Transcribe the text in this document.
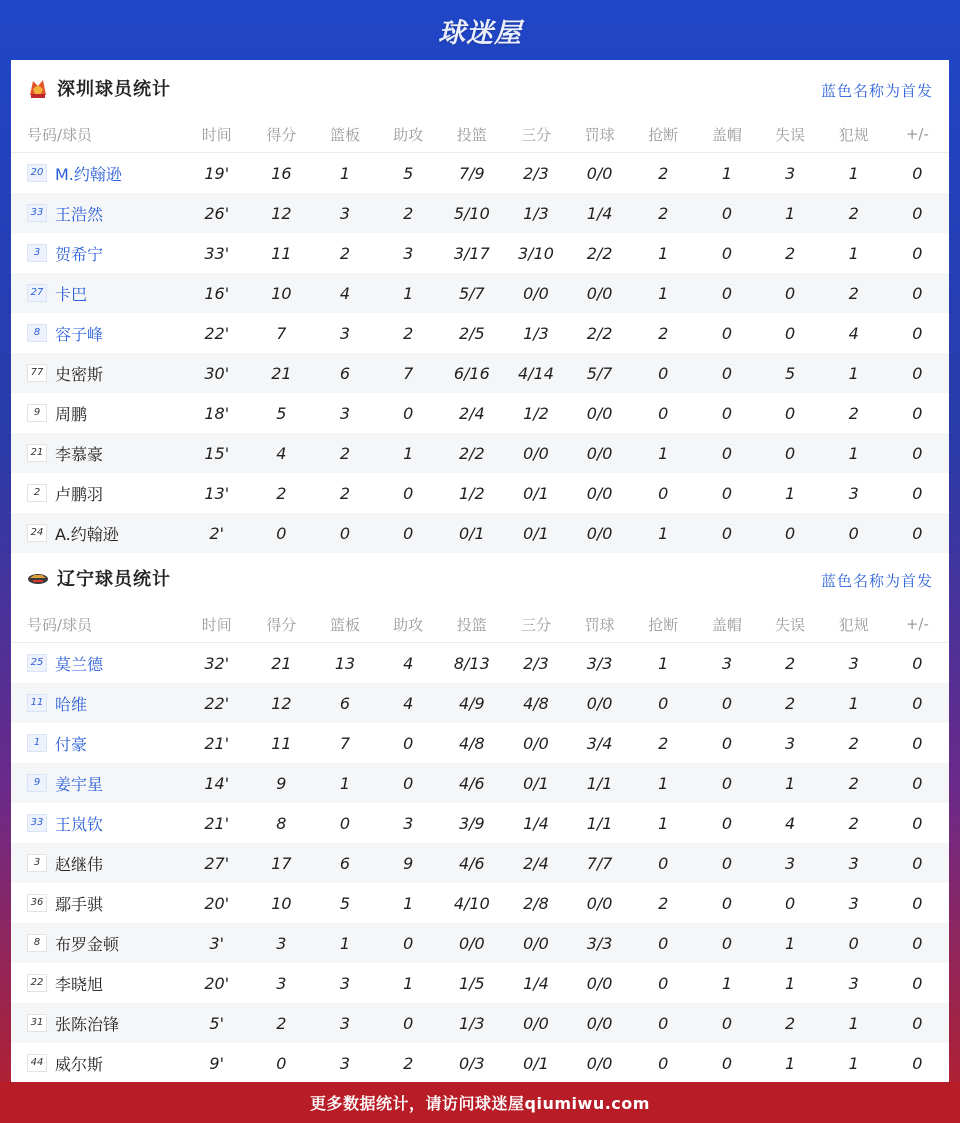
球迷屋
深圳球员统计	蓝色名称为首发
号码/球员	时间	得分	篮板	助攻	投篮	三分	罚球	抢断	盖帽	失误	犯规	+/-
20 M.约翰逊	19'	16	1	5	7/9	2/3	0/0	2	1	3	1	0
33 王浩然	26'	12	3	2	5/10	1/3	1/4	2	0	1	2	0
3 贺希宁	33'	11	2	3	3/17	3/10	2/2	1	0	2	1	0
27 卡巴	16'	10	4	1	5/7	0/0	0/0	1	0	0	2	0
8 容子峰	22'	7	3	2	2/5	1/3	2/2	2	0	0	4	0
77 史密斯	30'	21	6	7	6/16	4/14	5/7	0	0	5	1	0
9 周鹏	18'	5	3	0	2/4	1/2	0/0	0	0	0	2	0
21 李慕豪	15'	4	2	1	2/2	0/0	0/0	1	0	0	1	0
2 卢鹏羽	13'	2	2	0	1/2	0/1	0/0	0	0	1	3	0
24 A.约翰逊	2'	0	0	0	0/1	0/1	0/0	1	0	0	0	0
辽宁球员统计	蓝色名称为首发
号码/球员	时间	得分	篮板	助攻	投篮	三分	罚球	抢断	盖帽	失误	犯规	+/-
25 莫兰德	32'	21	13	4	8/13	2/3	3/3	1	3	2	3	0
11 哈维	22'	12	6	4	4/9	4/8	0/0	0	0	2	1	0
1 付豪	21'	11	7	0	4/8	0/0	3/4	2	0	3	2	0
9 姜宇星	14'	9	1	0	4/6	0/1	1/1	1	0	1	2	0
33 王岚钦	21'	8	0	3	3/9	1/4	1/1	1	0	4	2	0
3 赵继伟	27'	17	6	9	4/6	2/4	7/7	0	0	3	3	0
36 鄢手骐	20'	10	5	1	4/10	2/8	0/0	2	0	0	3	0
8 布罗金顿	3'	3	1	0	0/0	0/0	3/3	0	0	1	0	0
22 李晓旭	20'	3	3	1	1/5	1/4	0/0	0	1	1	3	0
31 张陈治锋	5'	2	3	0	1/3	0/0	0/0	0	0	2	1	0
44 威尔斯	9'	0	3	2	0/3	0/1	0/0	0	0	1	1	0
更多数据统计，请访问球迷屋qiumiwu.com
